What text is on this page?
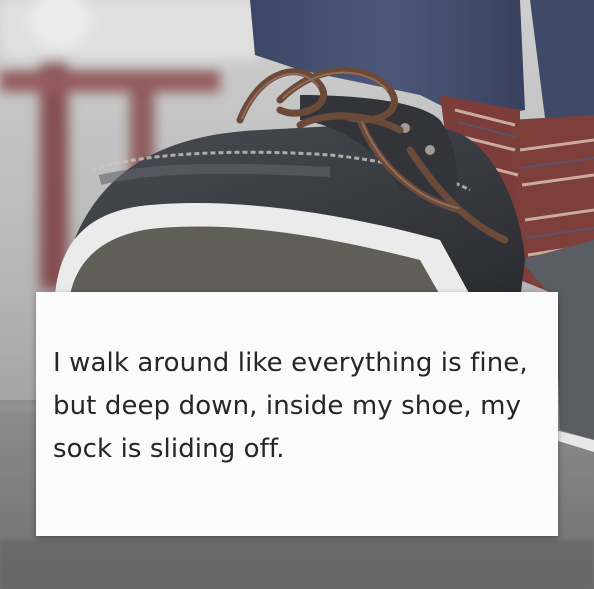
I walk around like everything is fine, but deep down, inside my shoe, my sock is sliding off.
